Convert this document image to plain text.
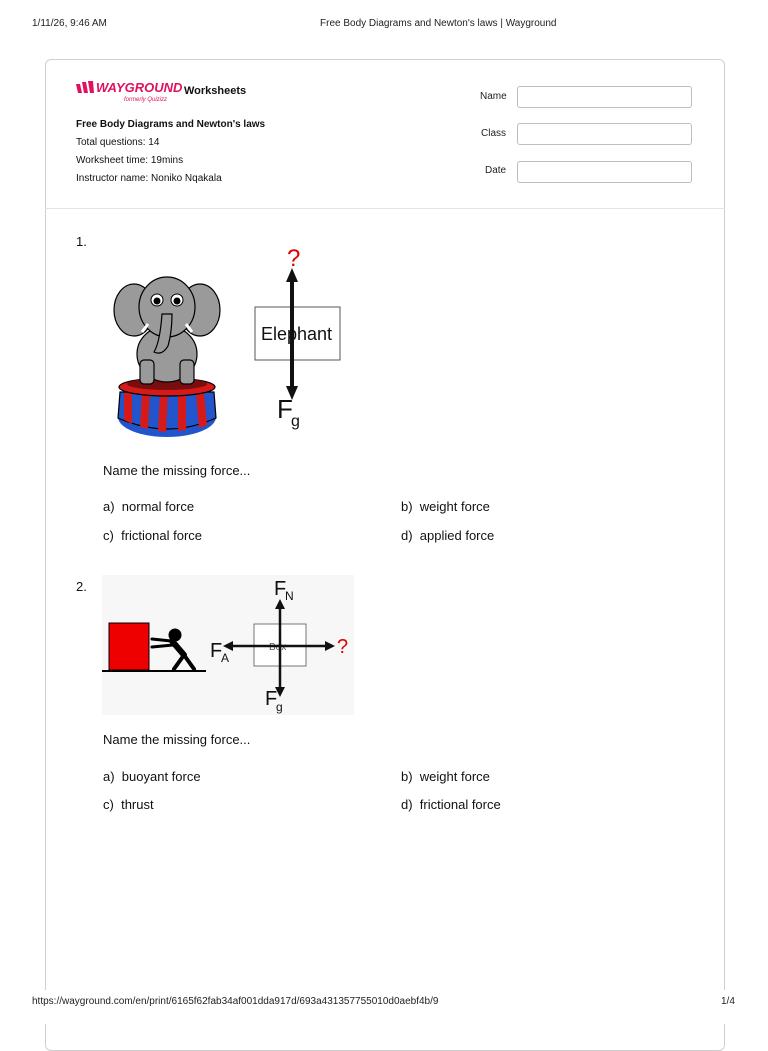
1/11/26, 9:46 AM	Free Body Diagrams and Newton's laws | Wayground
WAYGROUND
formerly Quizizz
Worksheets
Free Body Diagrams and Newton's laws
Total questions: 14
Worksheet time: 19mins
Instructor name: Noniko Nqakala
Name
Class
Date
1.
Elephant
?
F
g
Name the missing force...
a) normal force	b) weight force
c) frictional force	d) applied force
2.
Box
F
N
F
A
F
g
?
Name the missing force...
a) buoyant force	b) weight force
c) thrust	d) frictional force
https://wayground.com/en/print/6165f62fab34af001dda917d/693a431357755010d0aebf4b/9	1/4
